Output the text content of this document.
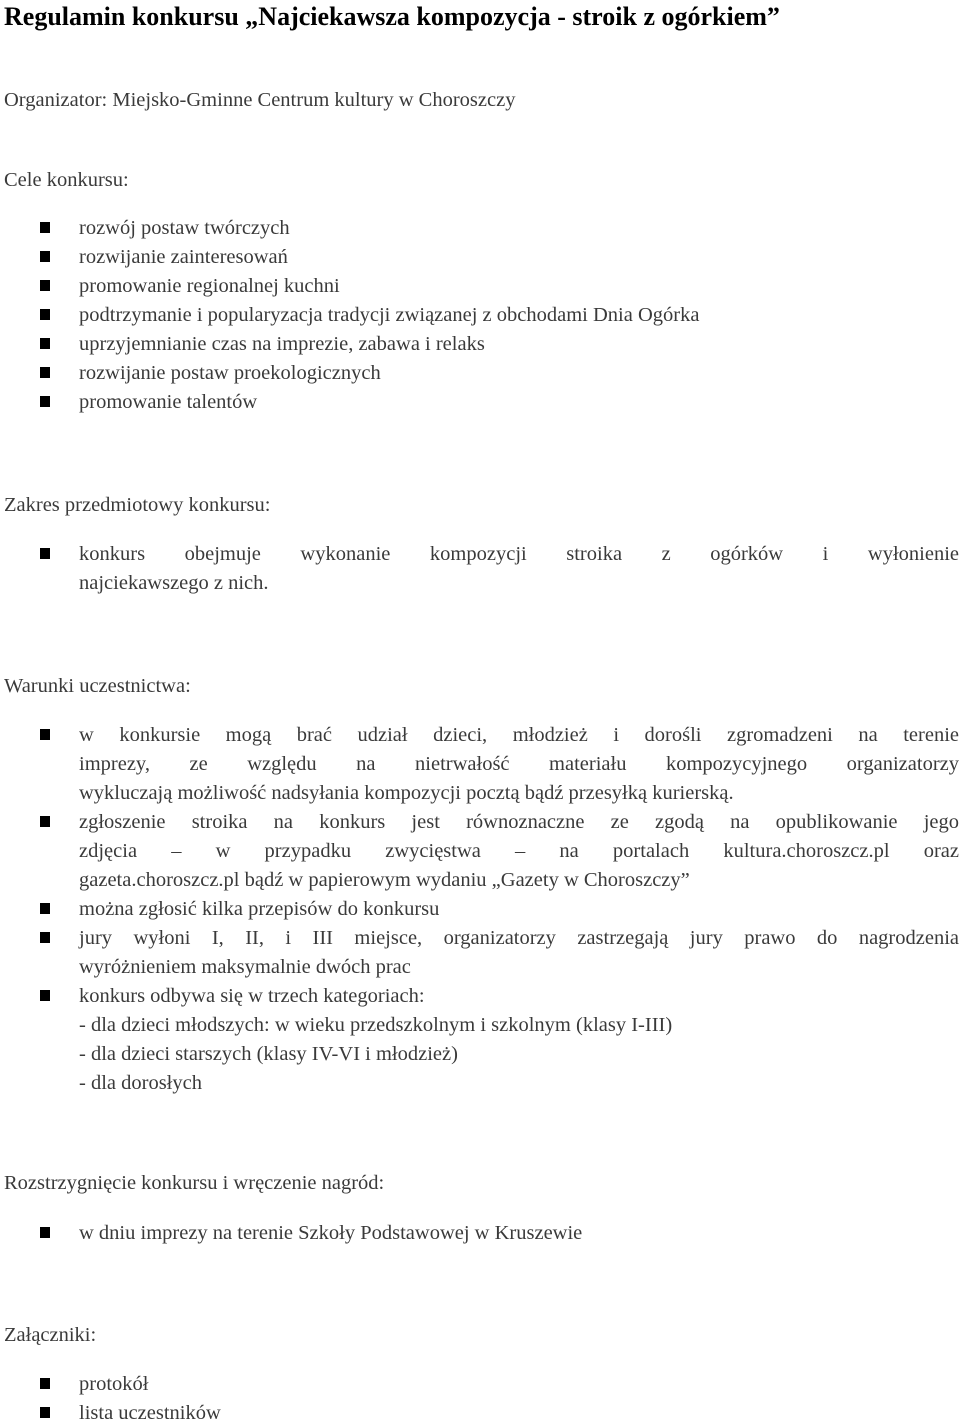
Regulamin konkursu „Najciekawsza kompozycja - stroik z ogórkiem”

Organizator: Miejsko-Gminne Centrum kultury w Choroszczy

Cele konkursu:

rozwój postaw twórczych
rozwijanie zainteresowań
promowanie regionalnej kuchni
podtrzymanie i popularyzacja tradycji związanej z obchodami Dnia Ogórka
uprzyjemnianie czas na imprezie, zabawa i relaks
rozwijanie postaw proekologicznych
promowanie talentów

Zakres przedmiotowy konkursu:

konkurs obejmuje wykonanie kompozycji stroika z ogórków i wyłonienie
najciekawszego z nich.

Warunki uczestnictwa:

w konkursie mogą brać udział dzieci, młodzież i dorośli zgromadzeni na terenie
imprezy, ze względu na nietrwałość materiału kompozycyjnego organizatorzy
wykluczają możliwość nadsyłania kompozycji pocztą bądź przesyłką kurierską.
zgłoszenie stroika na konkurs jest równoznaczne ze zgodą na opublikowanie jego
zdjęcia – w przypadku zwycięstwa – na portalach kultura.choroszcz.pl oraz
gazeta.choroszcz.pl bądź w papierowym wydaniu „Gazety w Choroszczy”
można zgłosić kilka przepisów do konkursu
jury wyłoni I, II, i III miejsce, organizatorzy zastrzegają jury prawo do nagrodzenia
wyróżnieniem maksymalnie dwóch prac
konkurs odbywa się w trzech kategoriach:
- dla dzieci młodszych: w wieku przedszkolnym i szkolnym (klasy I-III)
- dla dzieci starszych (klasy IV-VI i młodzież)
- dla dorosłych

Rozstrzygnięcie konkursu i wręczenie nagród:

w dniu imprezy na terenie Szkoły Podstawowej w Kruszewie

Załączniki:

protokół
lista uczestników
